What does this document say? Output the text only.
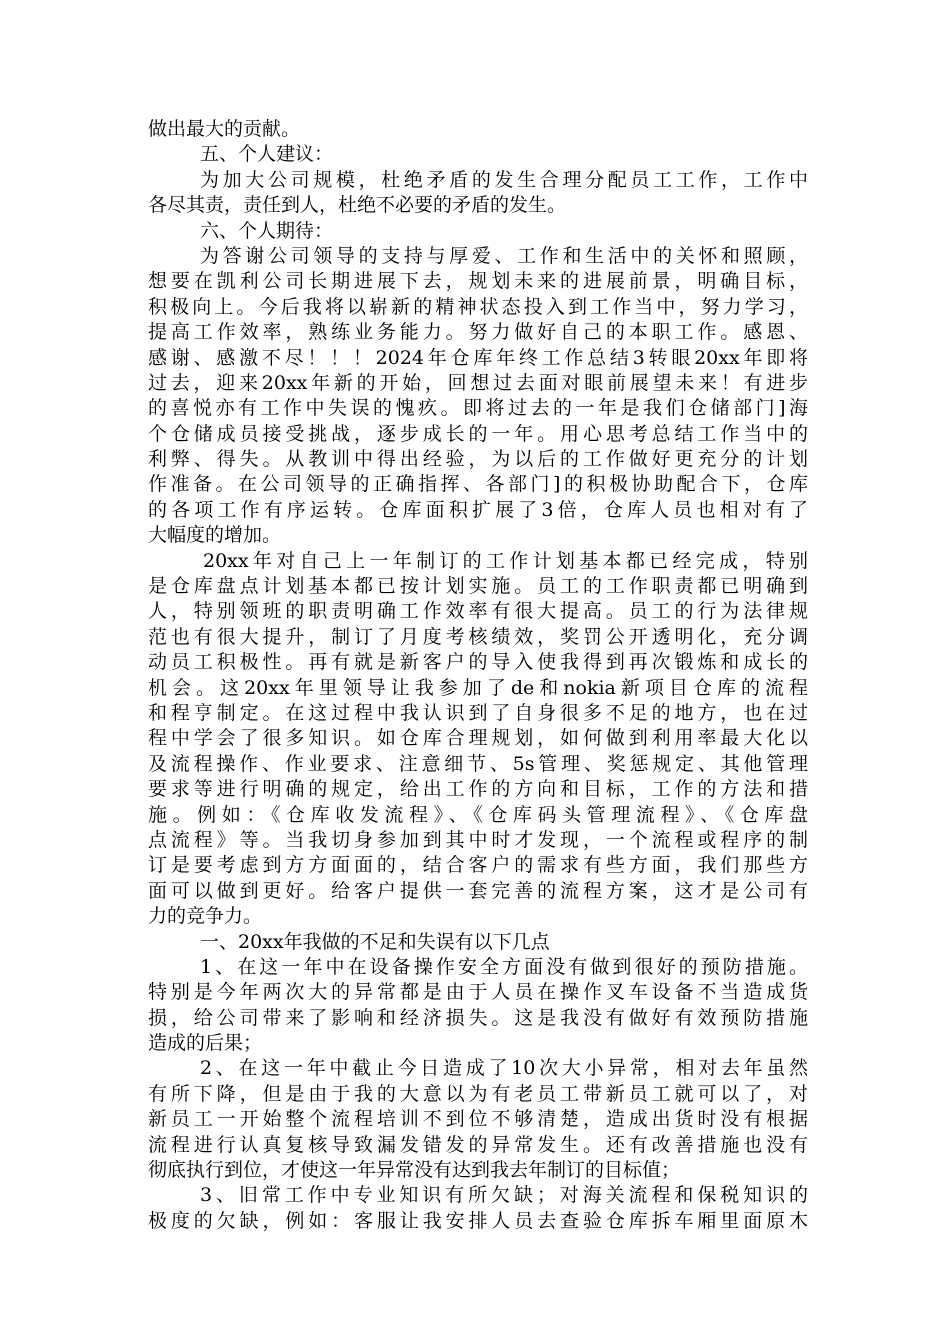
做出最大的贡献。
五、个人建议：
为加大公司规模，杜绝矛盾的发生合理分配员工工作，工作中
各尽其责，责任到人，杜绝不必要的矛盾的发生。
六、个人期待：
为答谢公司领导的支持与厚爱、工作和生活中的关怀和照顾，
想要在凯利公司长期进展下去，规划未来的进展前景，明确目标，
积极向上。今后我将以崭新的精神状态投入到工作当中，努力学习，
提高工作效率，熟练业务能力。努力做好自己的本职工作。感恩、
感谢、感激不尽！！！2024年仓库年终工作总结3转眼20xx年即将
过去，迎来20xx年新的开始，回想过去面对眼前展望未来！有进步
的喜悦亦有工作中失误的愧疚。即将过去的一年是我们仓储部门]海
个仓储成员接受挑战，逐步成长的一年。用心思考总结工作当中的
利弊、得失。从教训中得出经验，为以后的工作做好更充分的计划
作准备。在公司领导的正确指挥、各部门]的积极协助配合下，仓库
的各项工作有序运转。仓库面积扩展了3倍，仓库人员也相对有了
大幅度的增加。
20xx年对自己上一年制订的工作计划基本都已经完成，特别
是仓库盘点计划基本都已按计划实施。员工的工作职责都已明确到
人，特别领班的职责明确工作效率有很大提高。员工的行为法律规
范也有很大提升，制订了月度考核绩效，奖罚公开透明化，充分调
动员工积极性。再有就是新客户的导入使我得到再次锻炼和成长的
机会。这20xx年里领导让我参加了de和nokia新项目仓库的流程
和程亨制定。在这过程中我认识到了自身很多不足的地方，也在过
程中学会了很多知识。如仓库合理规划，如何做到利用率最大化以
及流程操作、作业要求、注意细节、5s管理、奖惩规定、其他管理
要求等进行明确的规定，给出工作的方向和目标，工作的方法和措
施。例如：《仓库收发流程》、《仓库码头管理流程》、《仓库盘
点流程》等。当我切身参加到其中时才发现，一个流程或程序的制
订是要考虑到方方面面的，结合客户的需求有些方面，我们那些方
面可以做到更好。给客户提供一套完善的流程方案，这才是公司有
力的竞争力。
一、20xx年我做的不足和失误有以下几点
1、在这一年中在设备操作安全方面没有做到很好的预防措施。
特别是今年两次大的异常都是由于人员在操作叉车设备不当造成货
损，给公司带来了影响和经济损失。这是我没有做好有效预防措施
造成的后果；
2、在这一年中截止今日造成了10次大小异常，相对去年虽然
有所下降，但是由于我的大意以为有老员工带新员工就可以了，对
新员工一开始整个流程培训不到位不够清楚，造成出货时没有根据
流程进行认真复核导致漏发错发的异常发生。还有改善措施也没有
彻底执行到位，才使这一年异常没有达到我去年制订的目标值；
3、旧常工作中专业知识有所欠缺；对海关流程和保税知识的
极度的欠缺，例如：客服让我安排人员去查验仓库拆车厢里面原木
